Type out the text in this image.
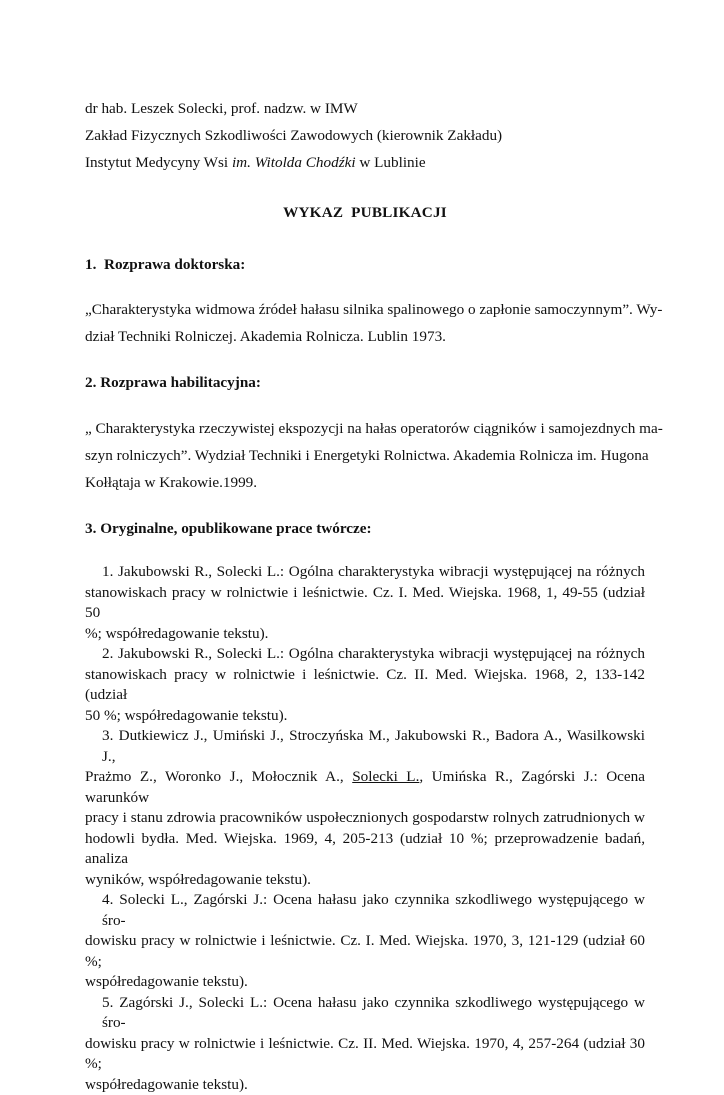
dr hab. Leszek Solecki, prof. nadzw. w IMW
Zakład Fizycznych Szkodliwości Zawodowych (kierownik Zakładu)
Instytut Medycyny Wsi im. Witolda Chodźki w Lublinie
WYKAZ  PUBLIKACJI
1.  Rozprawa doktorska:
„Charakterystyka widmowa źródeł hałasu silnika spalinowego o zapłonie samoczynnym”. Wy-
dział Techniki Rolniczej. Akademia Rolnicza. Lublin 1973.
2. Rozprawa habilitacyjna:
„ Charakterystyka rzeczywistej ekspozycji na hałas operatorów ciągników i samojezdnych ma-
szyn rolniczych”. Wydział Techniki i Energetyki Rolnictwa. Akademia Rolnicza im. Hugona
Kołłątaja w Krakowie.1999.
3. Oryginalne, opublikowane prace twórcze:
1. Jakubowski R., Solecki L.: Ogólna charakterystyka wibracji występującej na różnych
stanowiskach pracy w rolnictwie i leśnictwie. Cz. I. Med. Wiejska. 1968, 1, 49-55 (udział 50
%; współredagowanie tekstu).
2. Jakubowski R., Solecki L.: Ogólna charakterystyka wibracji występującej na różnych
stanowiskach pracy w rolnictwie i leśnictwie. Cz. II. Med. Wiejska. 1968, 2, 133-142 (udział
50 %; współredagowanie tekstu).
3. Dutkiewicz J., Umiński J., Stroczyńska M., Jakubowski R., Badora A., Wasilkowski J.,
Prażmo Z., Woronko J., Mołocznik A., Solecki L., Umińska R., Zagórski J.: Ocena warunków
pracy i stanu zdrowia pracowników uspołecznionych gospodarstw rolnych zatrudnionych w
hodowli bydła. Med. Wiejska. 1969, 4, 205-213 (udział 10 %; przeprowadzenie badań, analiza
wyników, współredagowanie tekstu).
4. Solecki L., Zagórski J.: Ocena hałasu jako czynnika szkodliwego występującego w śro-
dowisku pracy w rolnictwie i leśnictwie. Cz. I. Med. Wiejska. 1970, 3, 121-129 (udział 60 %;
współredagowanie tekstu).
5. Zagórski J., Solecki L.: Ocena hałasu jako czynnika szkodliwego występującego w śro-
dowisku pracy w rolnictwie i leśnictwie. Cz. II. Med. Wiejska. 1970, 4, 257-264 (udział 30 %;
współredagowanie tekstu).
